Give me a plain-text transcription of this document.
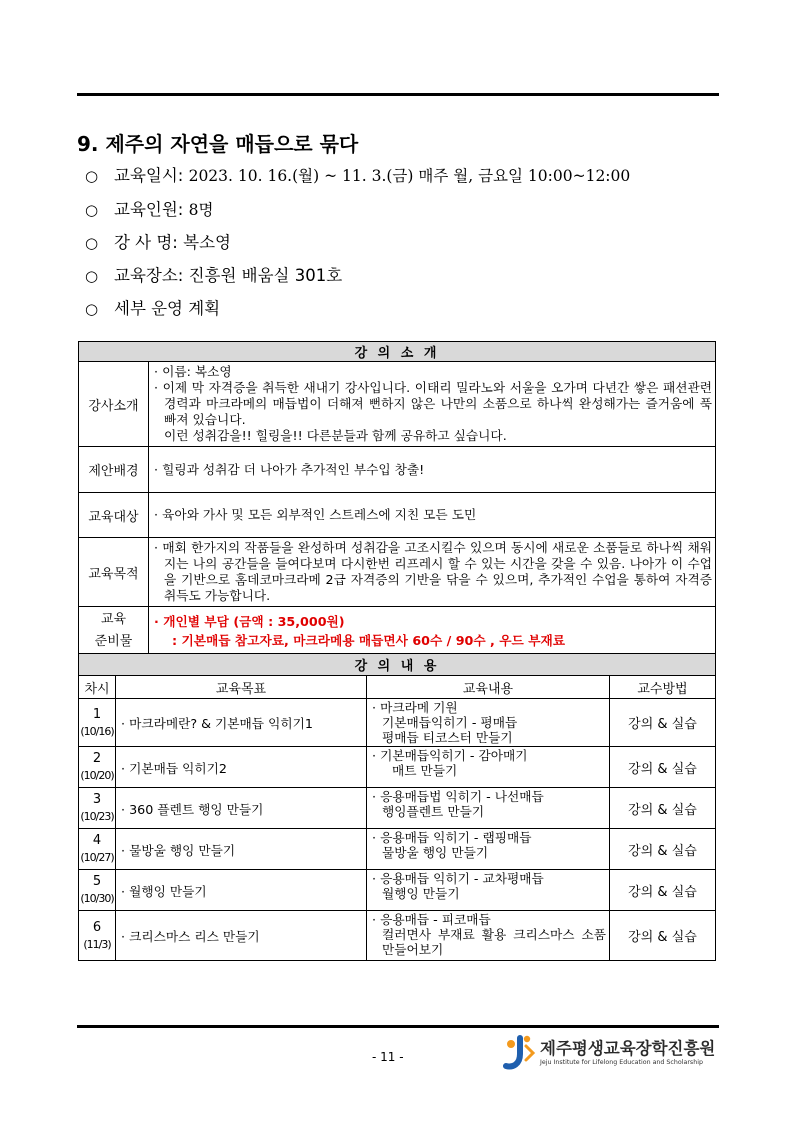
9. 제주의 자연을 매듭으로 묶다
○ 교육일시: 2023. 10. 16.(월) ~ 11. 3.(금) 매주 월, 금요일 10:00~12:00
○ 교육인원: 8명
○ 강 사 명: 복소영
○ 교육장소: 진흥원 배움실 301호
○ 세부 운영 계획
강 의 소 개	
강사소개	· 이름: 복소영
· 이제 막 자격증을 취득한 새내기 강사입니다. 이태리 밀라노와 서울을 오가며 다년간 쌓은 패션관련 경력과 마크라메의 매듭법이 더해져 뻔하지 않은 나만의 소품으로 하나씩 완성해가는 즐거움에 푹 빠져 있습니다.
이런 성취감을!! 힐링을!! 다른분들과 함께 공유하고 싶습니다.

제안배경	· 힐링과 성취감 더 나아가 추가적인 부수입 창출!
교육대상	· 육아와 가사 및 모든 외부적인 스트레스에 지친 모든 도민
교육목적	· 매회 한가지의 작품들을 완성하며 성취감을 고조시킬수 있으며 동시에 새로운 소품들로 하나씩 채워지는 나의 공간들을 들여다보며 다시한번 리프레시 할 수 있는 시간을 갖을 수 있음. 나아가 이 수업을 기반으로 홈데코마크라메 2급 자격증의 기반을 닦을 수 있으며, 추가적인 수업을 통하여 자격증 취득도 가능합니다.

교육
준비물	· 개인별 부담 (금액 : 35,000원)
: 기본매듭 참고자료, 마크라메용 매듭면사 60수 / 90수 , 우드 부재료
강 의 내 용			
차시	교육목표	교육내용	교수방법
1
(10/16)	· 마크라메란? & 기본매듭 익히기1	· 마크라메 기원
기본매듭익히기 - 평매듭
평매듭 티코스터 만들기	강의 & 실습
2
(10/20)	· 기본매듭 익히기2	· 기본매듭익히기 - 감아매기
매트 만들기	강의 & 실습
3
(10/23)	· 360 플렌트 행잉 만들기	· 응용매듭법 익히기 - 나선매듭
행잉플렌트 만들기	강의 & 실습
4
(10/27)	· 물방울 행잉 만들기	· 응용매듭 익히기 - 랩핑매듭
물방울 행잉 만들기	강의 & 실습
5
(10/30)	· 월행잉 만들기	· 응용매듭 익히기 - 교차평매듭
월행잉 만들기	강의 & 실습
6
(11/3)	· 크리스마스 리스 만들기	· 응용매듭 - 피코매듭
컬러면사 부재료 활용 크리스마스 소품 만들어보기	강의 & 실습
- 11 -	제주평생교육장학진흥원
Jeju Institute for Lifelong Education and Scholarship
